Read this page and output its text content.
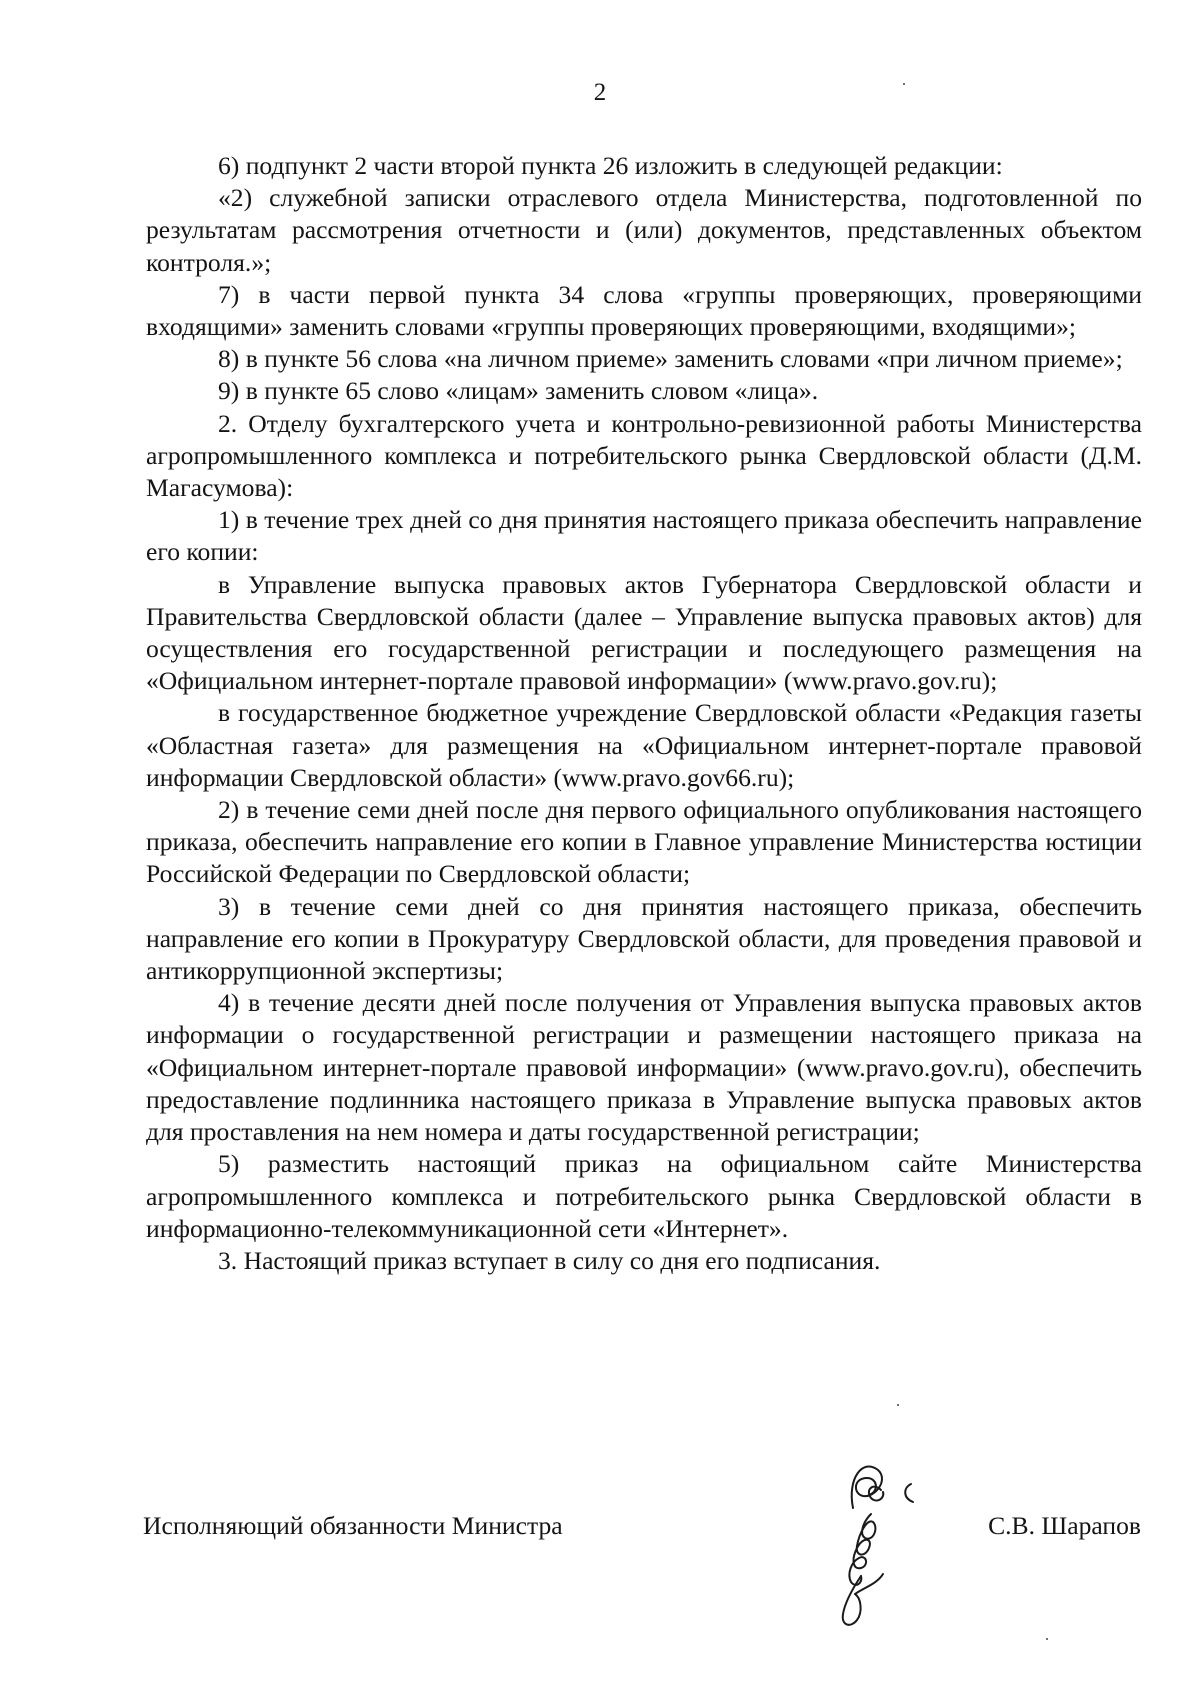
2

6) подпункт 2 части второй пункта 26 изложить в следующей редакции:

«2) служебной записки отраслевого отдела Министерства, подготовленной по результатам рассмотрения отчетности и (или) документов, представленных объектом контроля.»;

7) в части первой пункта 34 слова «группы проверяющих, проверяющими входящими» заменить словами «группы проверяющих проверяющими, входящими»;

8) в пункте 56 слова «на личном приеме» заменить словами «при личном приеме»;

9) в пункте 65 слово «лицам» заменить словом «лица».

2. Отделу бухгалтерского учета и контрольно-ревизионной работы Министерства агропромышленного комплекса и потребительского рынка Свердловской области (Д.М. Магасумова):

1) в течение трех дней со дня принятия настоящего приказа обеспечить направление его копии:

в Управление выпуска правовых актов Губернатора Свердловской области и Правительства Свердловской области (далее – Управление выпуска правовых актов) для осуществления его государственной регистрации и последующего размещения на «Официальном интернет-портале правовой информации» (www.pravo.gov.ru);

в государственное бюджетное учреждение Свердловской области «Редакция газеты «Областная газета» для размещения на «Официальном интернет-портале правовой информации Свердловской области» (www.pravo.gov66.ru);

2) в течение семи дней после дня первого официального опубликования настоящего приказа, обеспечить направление его копии в Главное управление Министерства юстиции Российской Федерации по Свердловской области;

3) в течение семи дней со дня принятия настоящего приказа, обеспечить направление его копии в Прокуратуру Свердловской области, для проведения правовой и антикоррупционной экспертизы;

4) в течение десяти дней после получения от Управления выпуска правовых актов информации о государственной регистрации и размещении настоящего приказа на «Официальном интернет-портале правовой информации» (www.pravo.gov.ru), обеспечить предоставление подлинника настоящего приказа в Управление выпуска правовых актов для проставления на нем номера и даты государственной регистрации;

5) разместить настоящий приказ на официальном сайте Министерства агропромышленного комплекса и потребительского рынка Свердловской области в информационно-телекоммуникационной сети «Интернет».

3. Настоящий приказ вступает в силу со дня его подписания.

Исполняющий обязанности Министра	С.В. Шарапов
